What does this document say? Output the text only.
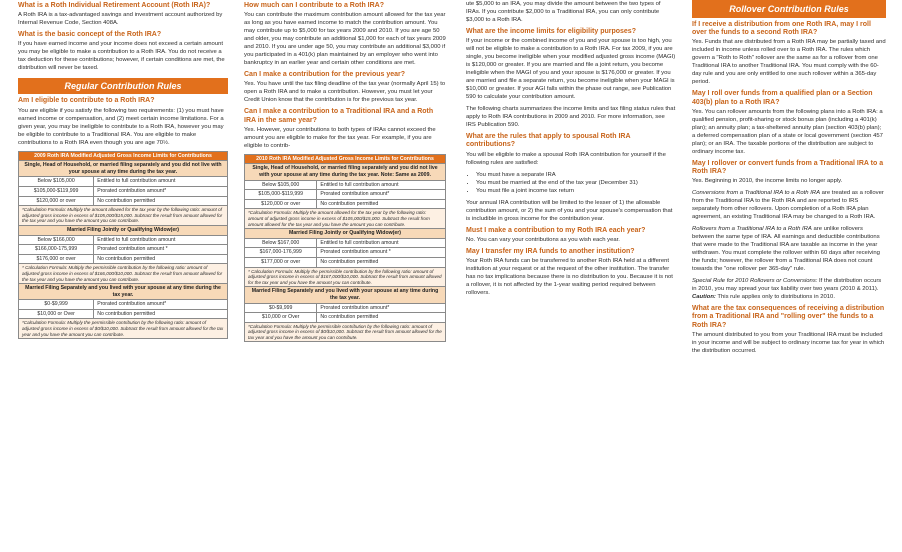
What is a Roth Individual Retirement Account (Roth IRA)?

A Roth IRA is a tax-advantaged savings and investment account authorized by Internal Revenue Code, Section 408A.

What is the basic concept of the Roth IRA?

If you have earned income and your income does not exceed a certain amount you may be eligible to make a contribution to a Roth IRA. You do not receive a tax deduction for these contributions; however, if certain conditions are met, the distribution will never be taxed.

Regular Contribution Rules
Am I eligible to contribute to a Roth IRA?

You are eligible if you satisfy the following two requirements: (1) you must have earned income or compensation, and (2) meet certain income limitations. For a given year, you may be ineligible to contribute to a Roth IRA, however you may be eligible to contribute to a Traditional IRA. You are eligible to make contributions to a Roth IRA even though you are age 70½.

2009 Roth IRA Modified Adjusted Gross Income Limits for Contributions	
Single, Head of Household, or married filing separately and you did not live with your spouse at any time during the tax year.	
Below $105,000	Entitled to full contribution amount
$105,000-$119,999	Prorated contribution amount*
$120,000 or over	No contribution permitted
*Calculation Formula: Multiply the amount allowed for the tax year by the following ratio: amount of adjusted gross income in excess of $105,000/$15,000. Subtract the result from amount allowed for the tax year and you have the amount you can contribute.	
Married Filing Jointly or Qualifying Widow(er)	
Below $166,000	Entitled to full contribution amount
$166,000-175,999	Prorated contribution amount *
$176,000 or over	No contribution permitted
* Calculation Formula: Multiply the permissible contribution by the following ratio: amount of adjusted gross income in excess of $166,000/$10,000. Subtract the result from amount allowed for the tax year and you have the amount you can contribute.	
Married Filing Separately and you lived with your spouse at any time during the tax year.	
$0-$9,999	Prorated contribution amount*
$10,000 or Over	No contribution permitted
*Calculation Formula: Multiply the permissible contribution by the following ratio: amount of adjusted gross income in excess of $0/$10,000. Subtract the result from amount allowed for the tax year and you have the amount you can contribute.	
How much can I contribute to a Roth IRA?

You can contribute the maximum contribution amount allowed for the tax year as long as you have earned income to match the contribution amount. You may contribute up to $5,000 for tax years 2009 and 2010. If you are age 50 and older, you may contribute an additional $1,000 for each of tax years 2009 and 2010. If you are under age 50, you may contribute an additional $3,000 if you participated in a 401(k) plan maintained by an employer who went into bankruptcy in an earlier year and certain other conditions are met.

Can I make a contribution for the previous year?

Yes. You have until the tax filing deadline of the tax year (normally April 15) to open a Roth IRA and to make a contribution. However, you must let your Credit Union know that the contribution is for the previous tax year.

Can I make a contribution to a Traditional IRA and a Roth IRA in the same year?

Yes. However, your contributions to both types of IRAs cannot exceed the amount you are eligible to make for the tax year. For example, if you are eligible to contrib-

2010 Roth IRA Modified Adjusted Gross Income Limits for Contributions	
Single, Head of Household, or married filing separately and you did not live with your spouse at any time during the tax year. Note: Same as 2009.	
Below $105,000	Entitled to full contribution amount
$105,000-$119,999	Prorated contribution amount*
$120,000 or over	No contribution permitted
*Calculation Formula: Multiply the amount allowed for the tax year by the following ratio: amount of adjusted gross income in excess of $105,000/$15,000. Subtract the result from amount allowed for the tax year and you have the amount you can contribute.	
Married Filing Jointly or Qualifying Widow(er)	
Below $167,000	Entitled to full contribution amount
$167,000-176,999	Prorated contribution amount *
$177,000 or over	No contribution permitted
* Calculation Formula: Multiply the permissible contribution by the following ratio: amount of adjusted gross income in excess of $167,000/$10,000. Subtract the result from amount allowed for the tax year and you have the amount you can contribute.	
Married Filing Separately and you lived with your spouse at any time during the tax year.	
$0-$9,999	Prorated contribution amount*
$10,000 or Over	No contribution permitted
*Calculation Formula: Multiply the permissible contribution by the following ratio: amount of adjusted gross income in excess of $0/$10,000. Subtract the result from amount allowed for the tax year and you have the amount you can contribute.	

ute $5,000 to an IRA, you may divide the amount between the two types of IRAs. If you contribute $2,000 to a Traditional IRA, you can only contribute $3,000 to a Roth IRA.

What are the income limits for eligibility purposes?

If your income or the combined income of you and your spouse is too high, you will not be eligible to make a contribution to a Roth IRA. For tax 2009, if you are single, you become ineligible when your modified adjusted gross income (MAGI) is $120,000 or greater. If you are married and file a joint return, you become ineligible when the MAGI of you and your spouse is $176,000 or greater. If you are married and file a separate return, you become ineligible when your MAGI is $10,000 or greater. If your AGI falls within the phase out range, see Publication 590 to calculate your contribution amount.

The following charts summarizes the income limits and tax filing status rules that apply to Roth IRA contributions in 2009 and 2010. For more information, see IRS Publication 590.

What are the rules that apply to spousal Roth IRA contributions?

You will be eligible to make a spousal Roth IRA contribution for yourself if the following rules are satisfied:

• You must have a separate IRA
• You must be married at the end of the tax year (December 31)
• You must file a joint income tax return

Your annual IRA contribution will be limited to the lesser of 1) the allowable contribution amount, or 2) the sum of you and your spouse's compensation that is includible in gross income for the contribution year.

Must I make a contribution to my Roth IRA each year?

No. You can vary your contributions as you wish each year.

May I transfer my IRA funds to another institution?

Your Roth IRA funds can be transferred to another Roth IRA held at a different institution at your request or at the request of the other institution. The transfer has no tax implications because there is no distribution to you. Because it is not a rollover, it is not affected by the 1-year waiting period required between rollovers.

Rollover Contribution Rules
If I receive a distribution from one Roth IRA, may I roll over the funds to a second Roth IRA?

Yes. Funds that are distributed from a Roth IRA may be partially taxed and included in income unless rolled over to a Roth IRA. The rules which govern a "Roth to Roth" rollover are the same as for a rollover from one Traditional IRA to another Traditional IRA. You must comply with the 60-day rule and you are only entitled to one such rollover within a 365-day period.

May I roll over funds from a qualified plan or a Section 403(b) plan to a Roth IRA?

Yes. You can rollover amounts from the following plans into a Roth IRA: a qualified pension, profit-sharing or stock bonus plan (including a 401(k) plan); an annuity plan; a tax-sheltered annuity plan (section 403(b) plan); a deferred compensation plan of a state or local government (section 457 plan); or an IRA. The taxable portions of the distribution are subject to ordinary income tax.

May I rollover or convert funds from a Traditional IRA to a Roth IRA?

Yes. Beginning in 2010, the income limits no longer apply.

Conversions from a Traditional IRA to a Roth IRA are treated as a rollover from the Traditional IRA to the Roth IRA and are reported to IRS separately from other rollovers. Upon completion of a Roth IRA plan agreement, an existing Traditional IRA may be changed to a Roth IRA.

Rollovers from a Traditional IRA to a Roth IRA are unlike rollovers between the same type of IRA. All earnings and deductible contributions that were made to the Traditional IRA are taxable as income in the year withdrawn. You must complete the rollover within 60 days after receiving the funds; however, the rollover from a Traditional IRA does not count towards the "one rollover per 365-day" rule.

Special Rule for 2010 Rollovers or Conversions: If the distribution occurs in 2010, you may spread your tax liability over two years (2010 & 2011). Caution: This rule applies only to distributions in 2010.

What are the tax consequences of receiving a distribution from a Traditional IRA and "rolling over" the funds to a Roth IRA?

The amount distributed to you from your Traditional IRA must be included in your income and will be subject to ordinary income tax for year in which the distribution occurred.
